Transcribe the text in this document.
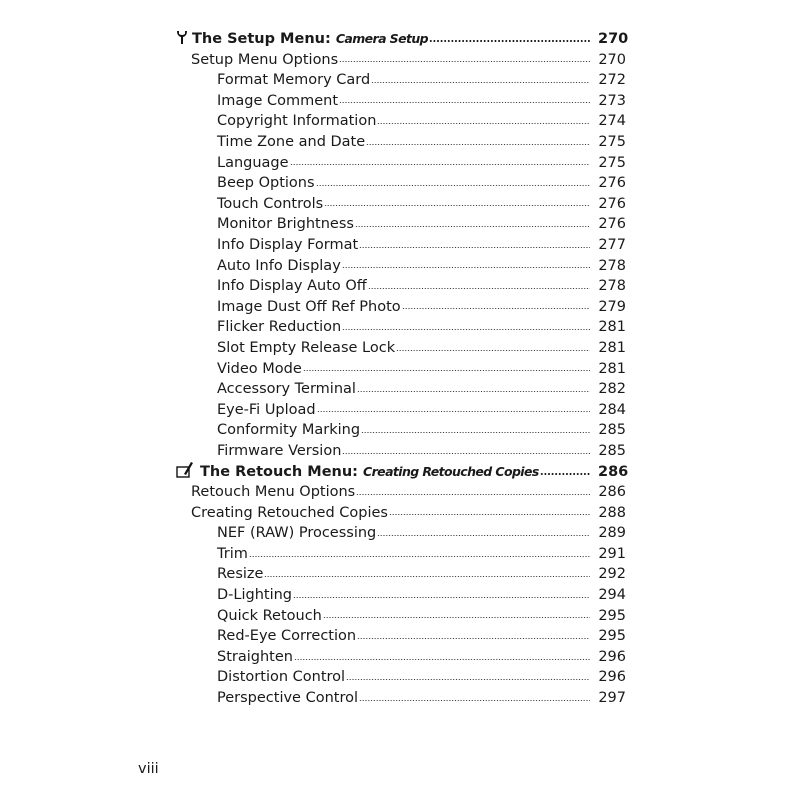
The Setup Menu: Camera Setup	270
Setup Menu Options	270
Format Memory Card	272
Image Comment	273
Copyright Information	274
Time Zone and Date	275
Language	275
Beep Options	276
Touch Controls	276
Monitor Brightness	276
Info Display Format	277
Auto Info Display	278
Info Display Auto Off	278
Image Dust Off Ref Photo	279
Flicker Reduction	281
Slot Empty Release Lock	281
Video Mode	281
Accessory Terminal	282
Eye-Fi Upload	284
Conformity Marking	285
Firmware Version	285
The Retouch Menu: Creating Retouched Copies	286
Retouch Menu Options	286
Creating Retouched Copies	288
NEF (RAW) Processing	289
Trim	291
Resize	292
D-Lighting	294
Quick Retouch	295
Red-Eye Correction	295
Straighten	296
Distortion Control	296
Perspective Control	297
viii
